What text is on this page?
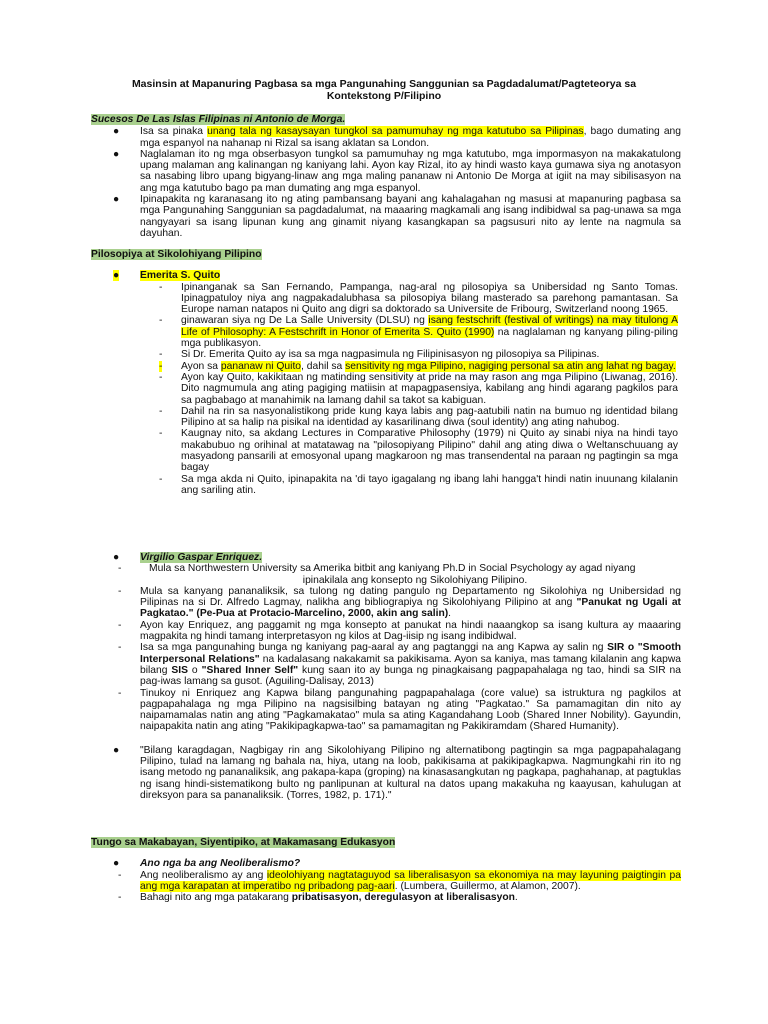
Masinsin at Mapanuring Pagbasa sa mga Pangunahing Sanggunian sa Pagdadalumat/Pagteteorya sa Kontekstong P/Filipino

Sucesos De Las Islas Filipinas ni Antonio de Morga.

●	Isa sa pinaka unang tala ng kasaysayan tungkol sa pamumuhay ng mga katutubo sa Pilipinas, bago dumating ang mga espanyol na nahanap ni Rizal sa isang aklatan sa London.

●	Naglalaman ito ng mga obserbasyon tungkol sa pamumuhay ng mga katutubo, mga impormasyon na makakatulong upang malaman ang kalinangan ng kaniyang lahi. Ayon kay Rizal, ito ay hindi wasto kaya gumawa siya ng anotasyon sa nasabing libro upang bigyang-linaw ang mga maling pananaw ni Antonio De Morga at igiit na may sibilisasyon na ang mga katutubo bago pa man dumating ang mga espanyol.

●	Ipinapakita ng karanasang ito ng ating pambansang bayani ang kahalagahan ng masusi at mapanuring pagbasa sa mga Pangunahing Sanggunian sa pagdadalumat, na maaaring magkamali ang isang indibidwal sa pag-unawa sa mga nangyayari sa isang lipunan kung ang ginamit niyang kasangkapan sa pagsusuri nito ay lente na nagmula sa dayuhan.

Pilosopiya at Sikolohiyang Pilipino

●	Emerita S. Quito

-	Ipinanganak sa San Fernando, Pampanga, nag-aral ng pilosopiya sa Unibersidad ng Santo Tomas. Ipinagpatuloy niya ang nagpakadalubhasa sa pilosopiya bilang masterado sa parehong pamantasan. Sa Europe naman natapos ni Quito ang digri sa doktorado sa Universite de Fribourg, Switzerland noong 1965.

-	ginawaran siya ng De La Salle University (DLSU) ng isang festschrift (festival of writings) na may titulong A Life of Philosophy: A Festschrift in Honor of Emerita S. Quito (1990) na naglalaman ng kanyang piling-piling mga publikasyon.

-	Si Dr. Emerita Quito ay isa sa mga nagpasimula ng Filipinisasyon ng pilosopiya sa Pilipinas.

-	Ayon sa pananaw ni Quito, dahil sa sensitivity ng mga Pilipino, nagiging personal sa atin ang lahat ng bagay.

-	Ayon kay Quito, kakikitaan ng matinding sensitivity at pride na may rason ang mga Pilipino (Liwanag, 2016). Dito nagmumula ang ating pagiging matiisin at mapagpasensiya, kabilang ang hindi agarang pagkilos para sa pagbabago at manahimik na lamang dahil sa takot sa kabiguan.

-	Dahil na rin sa nasyonalistikong pride kung kaya labis ang pag-aatubili natin na bumuo ng identidad bilang Pilipino at sa halip na pisikal na identidad ay kasarilinang diwa (soul identity) ang ating nahubog.

-	Kaugnay nito, sa akdang Lectures in Comparative Philosophy (1979) ni Quito ay sinabi niya na hindi tayo makabubuo ng orihinal at matatawag na "pilosopiyang Pilipino" dahil ang ating diwa o Weltanschuuang ay masyadong pansarili at emosyonal upang magkaroon ng mas transendental na paraan ng pagtingin sa mga bagay

-	Sa mga akda ni Quito, ipinapakita na 'di tayo igagalang ng ibang lahi hangga't hindi natin inuunang kilalanin ang sariling atin.

●	Virgilio Gaspar Enriquez.

-	Mula sa Northwestern University sa Amerika bitbit ang kaniyang Ph.D in Social Psychology ay agad niyang

ipinakilala ang konsepto ng Sikolohiyang Pilipino.

-	Mula sa kanyang pananaliksik, sa tulong ng dating pangulo ng Departamento ng Sikolohiya ng Unibersidad ng Pilipinas na si Dr. Alfredo Lagmay, nalikha ang bibliograpiya ng Sikolohiyang Pilipino at ang "Panukat ng Ugali at Pagkatao." (Pe-Pua at Protacio-Marcelino, 2000, akin ang salin).

-	Ayon kay Enriquez, ang paggamit ng mga konsepto at panukat na hindi naaangkop sa isang kultura ay maaaring magpakita ng hindi tamang interpretasyon ng kilos at Dag-iisip ng isang indibidwal.

-	Isa sa mga pangunahing bunga ng kaniyang pag-aaral ay ang pagtanggi na ang Kapwa ay salin ng SIR o "Smooth Interpersonal Relations" na kadalasang nakakamit sa pakikisama. Ayon sa kaniya, mas tamang kilalanin ang kapwa bilang SIS o "Shared Inner Self" kung saan ito ay bunga ng pinagkaisang pagpapahalaga ng tao, hindi sa SIR na pag-iwas lamang sa gusot. (Aguiling-Dalisay, 2013)

-	Tinukoy ni Enriquez ang Kapwa bilang pangunahing pagpapahalaga (core value) sa istruktura ng pagkilos at pagpapahalaga ng mga Pilipino na nagsisilbing batayan ng ating "Pagkatao." Sa pamamagitan din nito ay naipamamalas natin ang ating "Pagkamakatao" mula sa ating Kagandahang Loob (Shared Inner Nobility). Gayundin, naipapakita natin ang ating "Pakikipagkapwa-tao" sa pamamagitan ng Pakikiramdam (Shared Humanity).

●	"Bilang karagdagan, Nagbigay rin ang Sikolohiyang Pilipino ng alternatibong pagtingin sa mga pagpapahalagang Pilipino, tulad na lamang ng bahala na, hiya, utang na loob, pakikisama at pakikipagkapwa. Nagmungkahi rin ito ng isang metodo ng pananaliksik, ang pakapa-kapa (groping) na kinasasangkutan ng pagkapa, paghahanap, at pagtuklas ng isang hindi-sistematikong bulto ng panlipunan at kultural na datos upang makakuha ng kaayusan, kahulugan at direksyon para sa pananaliksik. (Torres, 1982, p. 171)."

Tungo sa Makabayan, Siyentipiko, at Makamasang Edukasyon

●	Ano nga ba ang Neoliberalismo?

-	Ang neoliberalismo ay ang ideolohiyang nagtataguyod sa liberalisasyon sa ekonomiya na may layuning paigtingin pa ang mga karapatan at imperatibo ng pribadong pag-aari. (Lumbera, Guillermo, at Alamon, 2007).

-	Bahagi nito ang mga patakarang pribatisasyon, deregulasyon at liberalisasyon.
